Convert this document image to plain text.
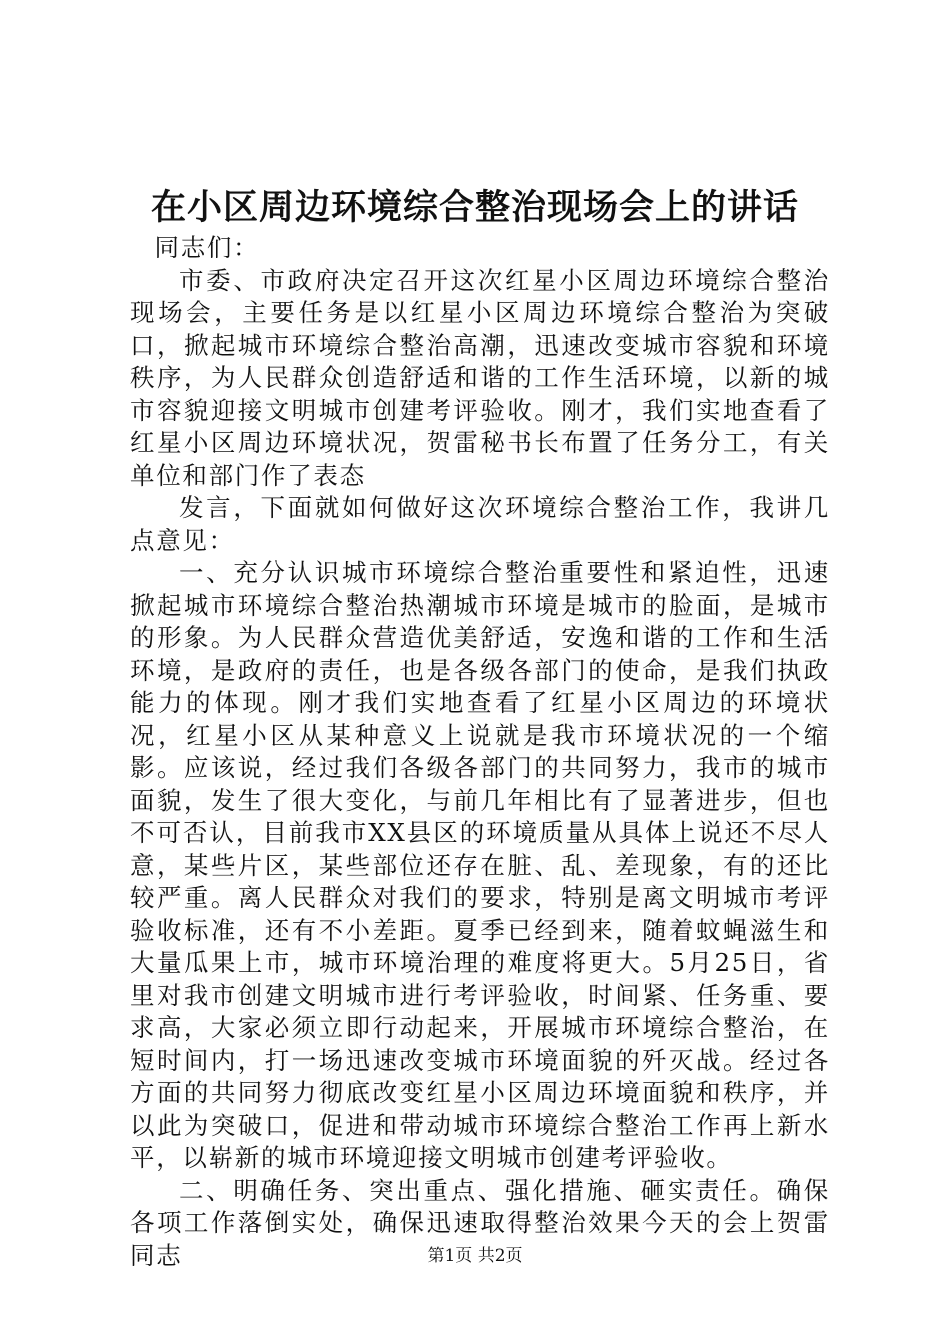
在小区周边环境综合整治现场会上的讲话

同志们：

市委、市政府决定召开这次红星小区周边环境综合整治现场会，主要任务是以红星小区周边环境综合整治为突破口，掀起城市环境综合整治高潮，迅速改变城市容貌和环境秩序，为人民群众创造舒适和谐的工作生活环境，以新的城市容貌迎接文明城市创建考评验收。刚才，我们实地查看了红星小区周边环境状况，贺雷秘书长布置了任务分工，有关单位和部门作了表态

发言，下面就如何做好这次环境综合整治工作，我讲几点意见：

一、充分认识城市环境综合整治重要性和紧迫性，迅速掀起城市环境综合整治热潮城市环境是城市的脸面，是城市的形象。为人民群众营造优美舒适，安逸和谐的工作和生活环境，是政府的责任，也是各级各部门的使命，是我们执政能力的体现。刚才我们实地查看了红星小区周边的环境状况，红星小区从某种意义上说就是我市环境状况的一个缩影。应该说，经过我们各级各部门的共同努力，我市的城市面貌，发生了很大变化，与前几年相比有了显著进步，但也不可否认，目前我市XX县区的环境质量从具体上说还不尽人意，某些片区，某些部位还存在脏、乱、差现象，有的还比较严重。离人民群众对我们的要求，特别是离文明城市考评验收标准，还有不小差距。夏季已经到来，随着蚊蝇滋生和大量瓜果上市，城市环境治理的难度将更大。5月25日，省里对我市创建文明城市进行考评验收，时间紧、任务重、要求高，大家必须立即行动起来，开展城市环境综合整治，在短时间内，打一场迅速改变城市环境面貌的歼灭战。经过各方面的共同努力彻底改变红星小区周边环境面貌和秩序，并以此为突破口，促进和带动城市环境综合整治工作再上新水平，以崭新的城市环境迎接文明城市创建考评验收。

二、明确任务、突出重点、强化措施、砸实责任。确保各项工作落倒实处，确保迅速取得整治效果今天的会上贺雷同志	第1页 共2页
